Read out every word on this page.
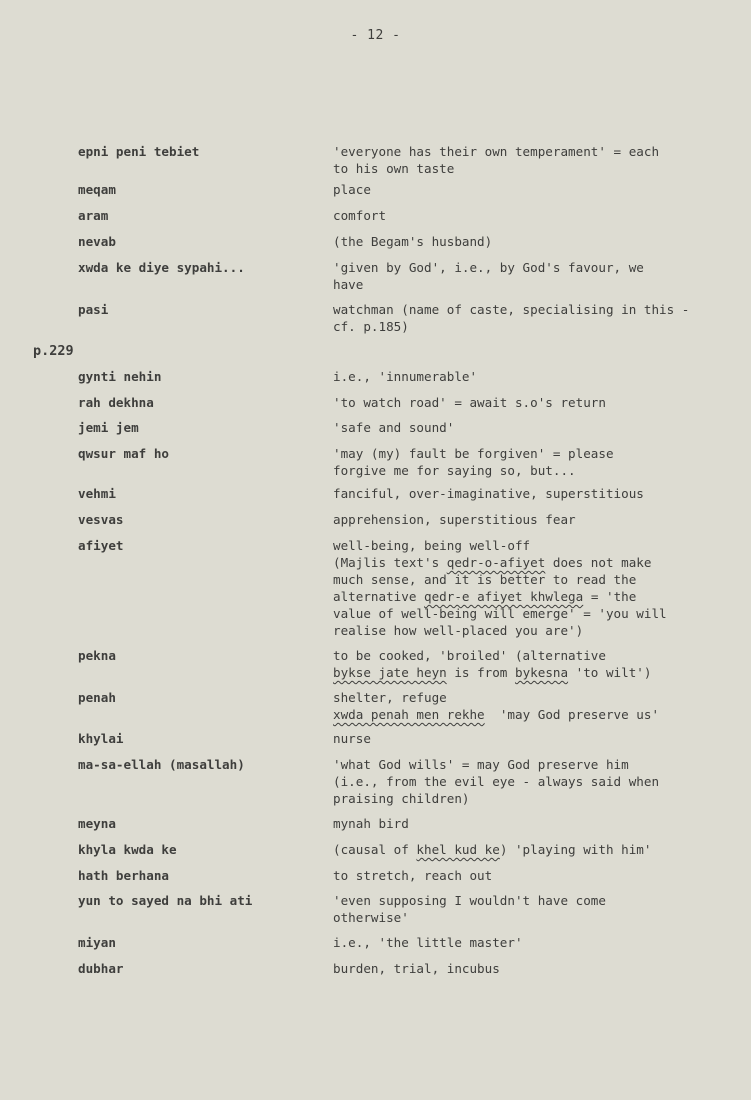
- 12 -
p.229
epni peni tebiet	'everyone has their own temperament' = each
to his own taste
meqam	place
aram	comfort
nevab	(the Begam's husband)
xwda ke diye sypahi...	'given by God', i.e., by God's favour, we
have
pasi	watchman (name of caste, specialising in this -
cf. p.185)
gynti nehin	i.e., 'innumerable'
rah dekhna	'to watch road' = await s.o's return
jemi jem	'safe and sound'
qwsur maf ho	'may (my) fault be forgiven' = please
forgive me for saying so, but...
vehmi	fanciful, over-imaginative, superstitious
vesvas	apprehension, superstitious fear
afiyet	well-being, being well-off
(Majlis text's qedr-o-afiyet does not make
much sense, and it is better to read the
alternative qedr-e afiyet khwlega = 'the
value of well-being will emerge' = 'you will
realise how well-placed you are')
pekna	to be cooked, 'broiled' (alternative
bykse jate heyn is from bykesna 'to wilt')
penah	shelter, refuge
xwda penah men rekhe  'may God preserve us'
khylai	nurse
ma-sa-ellah (masallah)	'what God wills' = may God preserve him
(i.e., from the evil eye - always said when
praising children)
meyna	mynah bird
khyla kwda ke	(causal of khel kud ke) 'playing with him'
hath berhana	to stretch, reach out
yun to sayed na bhi ati	'even supposing I wouldn't have come
otherwise'
miyan	i.e., 'the little master'
dubhar	burden, trial, incubus
